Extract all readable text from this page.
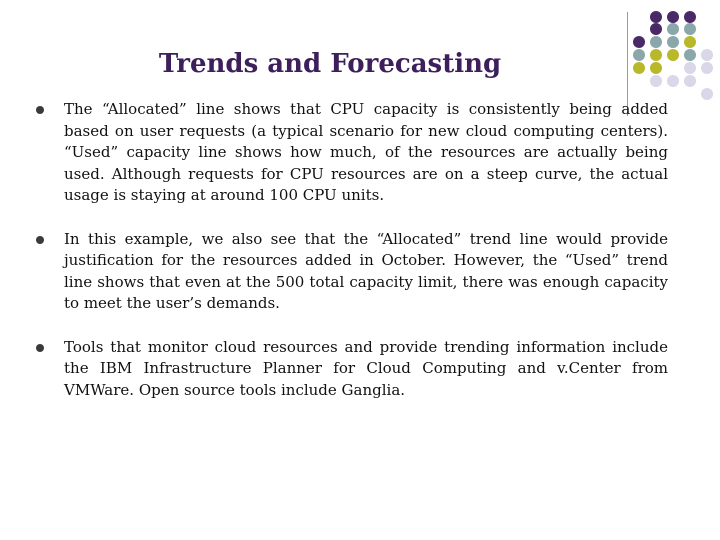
Trends and Forecasting
The “Allocated” line shows that CPU capacity is consistently being added based on user requests (a typical scenario for new cloud computing centers). “Used” capacity line shows how much, of the resources are actually being used. Although requests for CPU resources are on a steep curve, the actual usage is staying at around 100 CPU units.
In this example, we also see that the “Allocated” trend line would provide justification for the resources added in October. However, the “Used” trend line shows that even at the 500 total capacity limit, there was enough capacity to meet the user’s demands.
Tools that monitor cloud resources and provide trending information include the IBM Infrastructure Planner for Cloud Computing and v.Center from VMWare. Open source tools include Ganglia.
